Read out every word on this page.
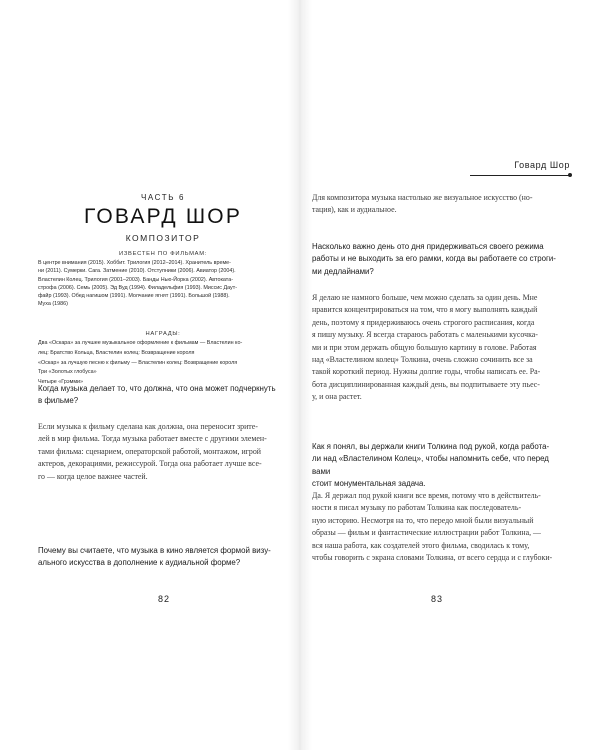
ЧАСТЬ 6
ГОВАРД ШОР
КОМПОЗИТОР
ИЗВЕСТЕН ПО ФИЛЬМАМ:
В центре внимания (2015). Хоббит. Трилогия (2012–2014). Хранитель време-
ни (2011). Сумерки. Сага. Затмение (2010). Отступники (2006). Авиатор (2004).
Властелин Колец. Трилогия (2001–2003). Банды Нью-Йорка (2002). Автоката-
строфа (2006). Семь (2005). Эд Вуд (1994). Филадельфия (1993). Миссис Даут-
файр (1993). Обед нагишом (1991). Молчание ягнят (1991). Большой (1988).
Муха (1986)
НАГРАДЫ:
Два «Оскара» за лучшее музыкальное оформление к фильмам — Властелин ко-
лец: Братство Кольца, Властелин колец: Возвращение короля
«Оскар» за лучшую песню к фильму — Властелин колец: Возвращение короля
Три «Золотых глобуса»
Четыре «Грэмми»
Когда музыка делает то, что должна, что она может подчеркнуть
в фильме?
Если музыка к фильму сделана как должна, она переносит зрите-
лей в мир фильма. Тогда музыка работает вместе с другими элемен-
тами фильма: сценарием, операторской работой, монтажом, игрой
актеров, декорациями, режиссурой. Тогда она работает лучше все-
го — когда целое важнее частей.
Почему вы считаете, что музыка в кино является формой визу-
ального искусства в дополнение к аудиальной форме?
82
Говард Шор
Для композитора музыка настолько же визуальное искусство (но-
тация), как и аудиальное.
Насколько важно день ото дня придерживаться своего режима
работы и не выходить за его рамки, когда вы работаете со строги-
ми дедлайнами?
Я делаю не намного больше, чем можно сделать за один день. Мне
нравится концентрироваться на том, что я могу выполнять каждый
день, поэтому я придерживаюсь очень строгого расписания, когда
я пишу музыку. Я всегда стараюсь работать с маленькими кусочка-
ми и при этом держать общую большую картину в голове. Работая
над «Властелином колец» Толкина, очень сложно сочинить все за
такой короткий период. Нужны долгие годы, чтобы написать ее. Ра-
бота дисциплинированная каждый день, вы подпитываете эту пьес-
у, и она растет.
Как я понял, вы держали книги Толкина под рукой, когда работа-
ли над «Властелином Колец», чтобы напомнить себе, что перед вами
стоит монументальная задача.
Да. Я держал под рукой книги все время, потому что в действитель-
ности я писал музыку по работам Толкина как последователь-
ную историю. Несмотря на то, что передо мной были визуальный
образы — фильм и фантастические иллюстрации работ Толкина, —
вся наша работа, как создателей этого фильма, сводилась к тому,
чтобы говорить с экрана словами Толкина, от всего сердца и с глубоки-
83
